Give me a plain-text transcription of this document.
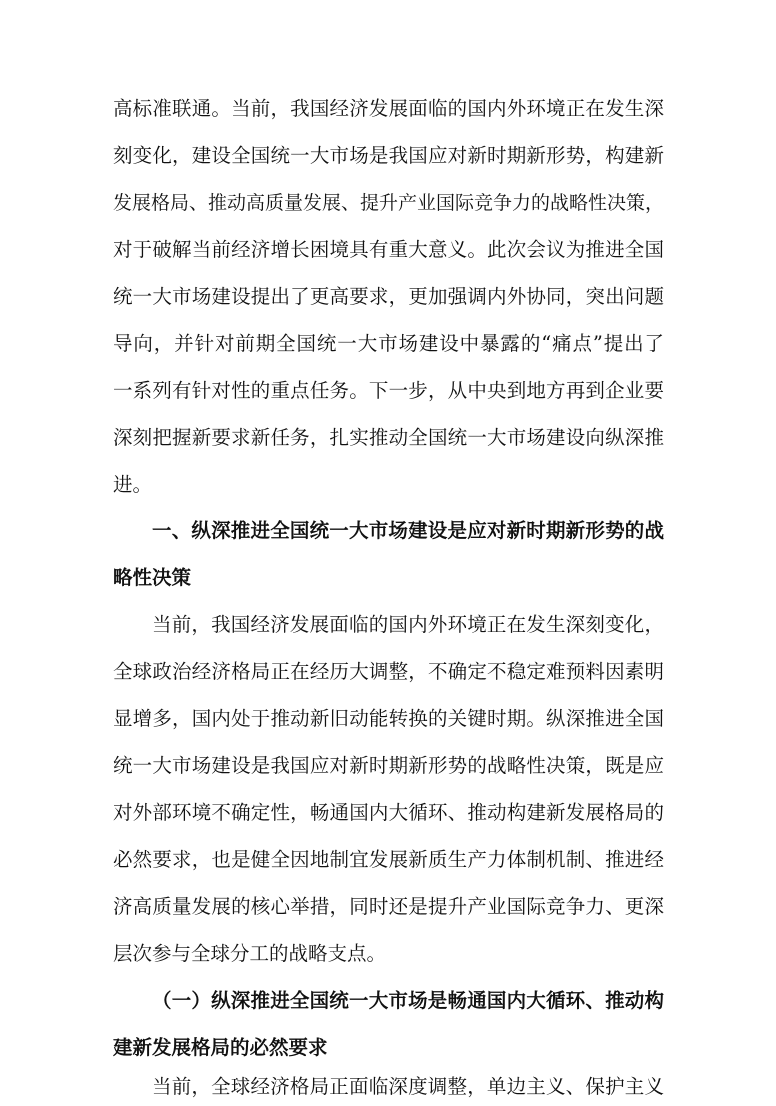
高标准联通。当前，我国经济发展面临的国内外环境正在发生深
刻变化，建设全国统一大市场是我国应对新时期新形势，构建新
发展格局、推动高质量发展、提升产业国际竞争力的战略性决策，
对于破解当前经济增长困境具有重大意义。此次会议为推进全国
统一大市场建设提出了更高要求，更加强调内外协同，突出问题
导向，并针对前期全国统一大市场建设中暴露的“痛点”提出了
一系列有针对性的重点任务。下一步，从中央到地方再到企业要
深刻把握新要求新任务，扎实推动全国统一大市场建设向纵深推
进。
一、纵深推进全国统一大市场建设是应对新时期新形势的战
略性决策
当前，我国经济发展面临的国内外环境正在发生深刻变化，
全球政治经济格局正在经历大调整，不确定不稳定难预料因素明
显增多，国内处于推动新旧动能转换的关键时期。纵深推进全国
统一大市场建设是我国应对新时期新形势的战略性决策，既是应
对外部环境不确定性，畅通国内大循环、推动构建新发展格局的
必然要求，也是健全因地制宜发展新质生产力体制机制、推进经
济高质量发展的核心举措，同时还是提升产业国际竞争力、更深
层次参与全球分工的战略支点。
（一）纵深推进全国统一大市场是畅通国内大循环、推动构
建新发展格局的必然要求
当前，全球经济格局正面临深度调整，单边主义、保护主义
